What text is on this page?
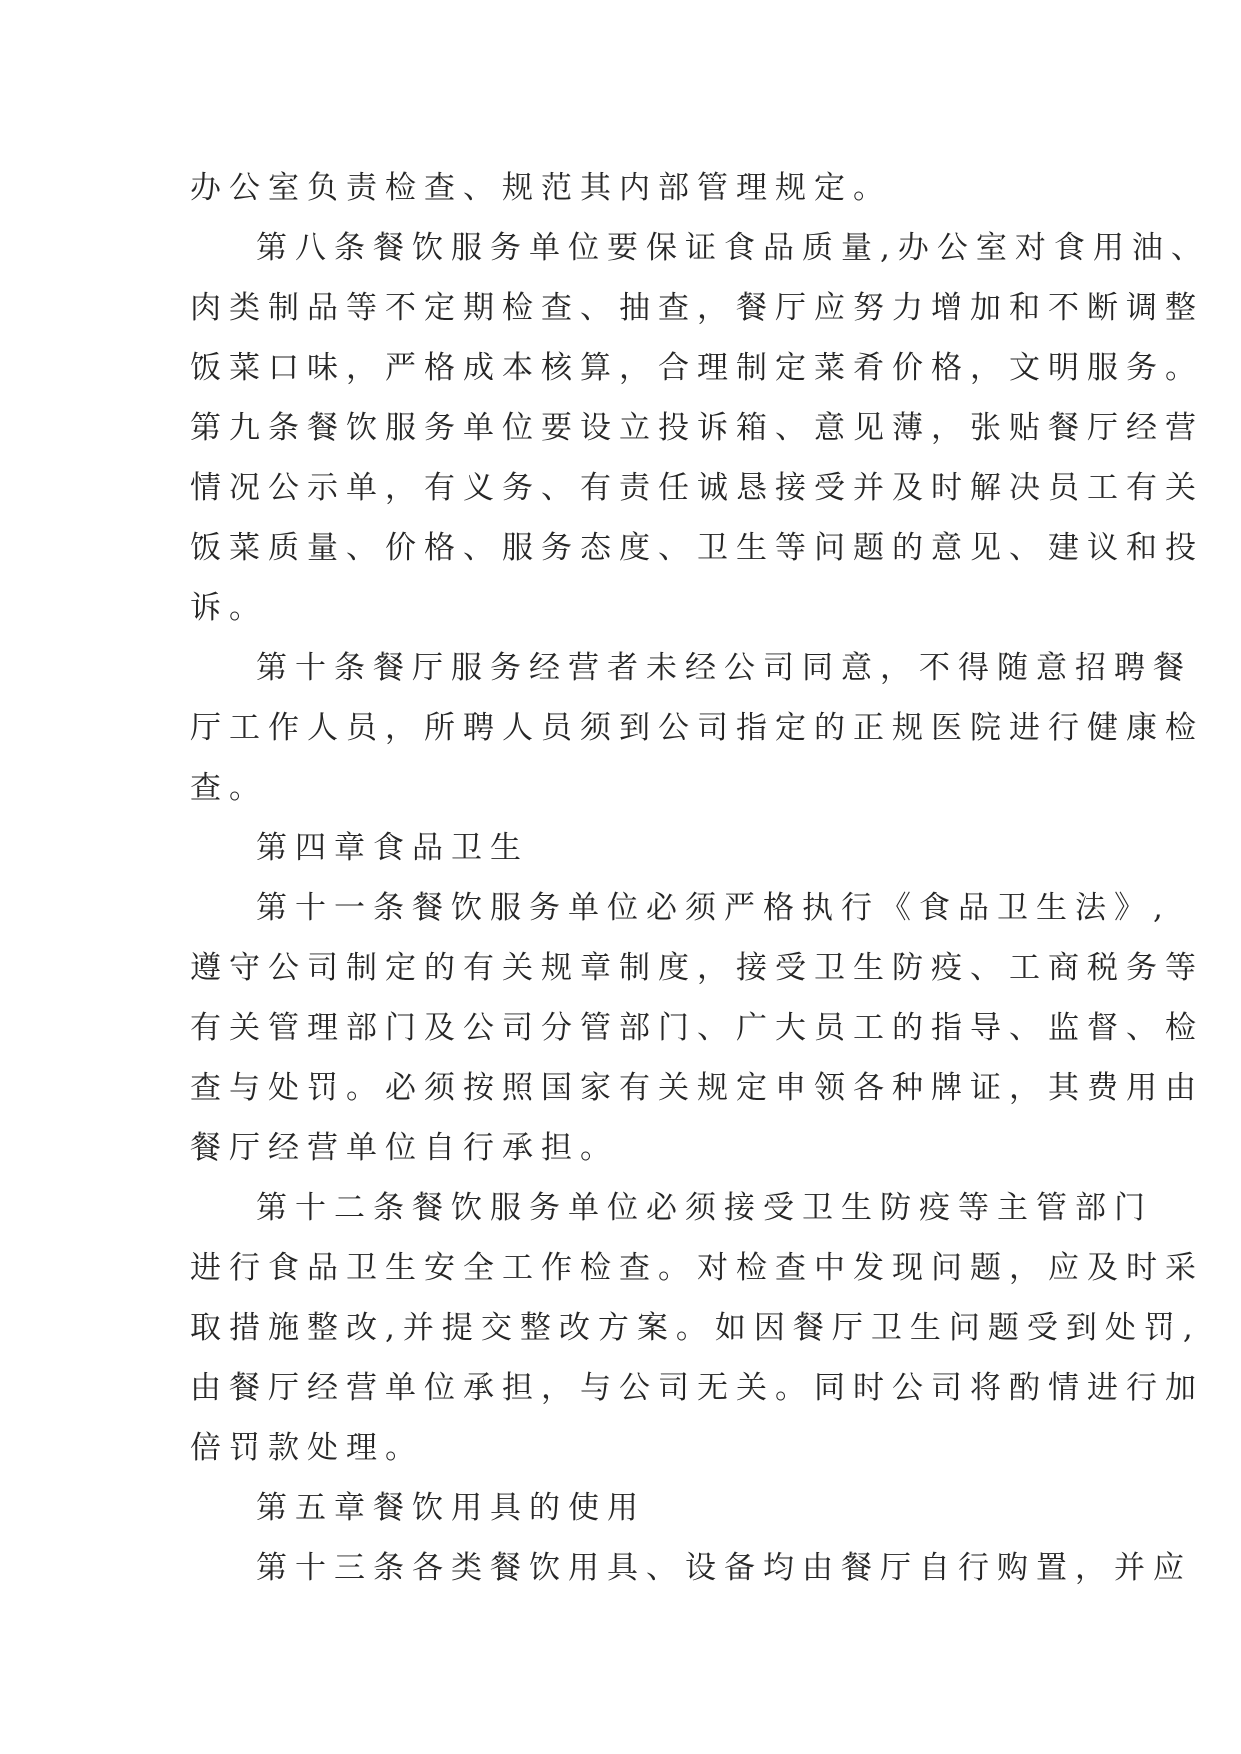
办公室负责检查、规范其内部管理规定。
第八条餐饮服务单位要保证食品质量,办公室对食用油、
肉类制品等不定期检查、抽查，餐厅应努力增加和不断调整
饭菜口味，严格成本核算，合理制定菜肴价格，文明服务。
第九条餐饮服务单位要设立投诉箱、意见薄，张贴餐厅经营
情况公示单，有义务、有责任诚恳接受并及时解决员工有关
饭菜质量、价格、服务态度、卫生等问题的意见、建议和投
诉。
第十条餐厅服务经营者未经公司同意，不得随意招聘餐
厅工作人员，所聘人员须到公司指定的正规医院进行健康检
查。
第四章食品卫生
第十一条餐饮服务单位必须严格执行《食品卫生法》,
遵守公司制定的有关规章制度，接受卫生防疫、工商税务等
有关管理部门及公司分管部门、广大员工的指导、监督、检
查与处罚。必须按照国家有关规定申领各种牌证，其费用由
餐厅经营单位自行承担。
第十二条餐饮服务单位必须接受卫生防疫等主管部门
进行食品卫生安全工作检查。对检查中发现问题，应及时采
取措施整改,并提交整改方案。如因餐厅卫生问题受到处罚,
由餐厅经营单位承担，与公司无关。同时公司将酌情进行加
倍罚款处理。
第五章餐饮用具的使用
第十三条各类餐饮用具、设备均由餐厅自行购置，并应
